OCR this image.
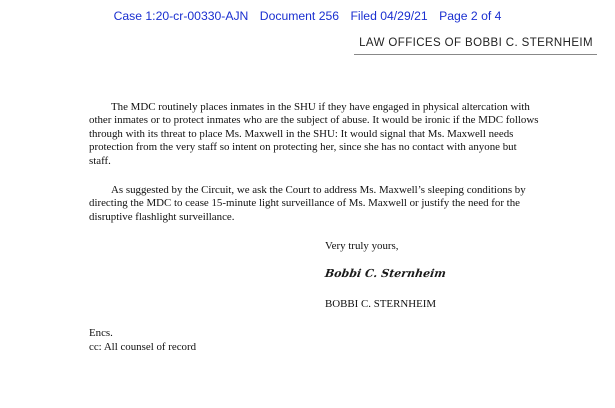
Case 1:20-cr-00330-AJN Document 256 Filed 04/29/21 Page 2 of 4
LAW OFFICES OF BOBBI C. STERNHEIM

The MDC routinely places inmates in the SHU if they have engaged in physical altercation with other inmates or to protect inmates who are the subject of abuse. It would be ironic if the MDC follows through with its threat to place Ms. Maxwell in the SHU: It would signal that Ms. Maxwell needs protection from the very staff so intent on protecting her, since she has no contact with anyone but staff.

As suggested by the Circuit, we ask the Court to address Ms. Maxwell’s sleeping conditions by directing the MDC to cease 15-minute light surveillance of Ms. Maxwell or justify the need for the disruptive flashlight surveillance.

Very truly yours,
Bobbi C. Sternheim
BOBBI C. STERNHEIM
Encs.
cc: All counsel of record
